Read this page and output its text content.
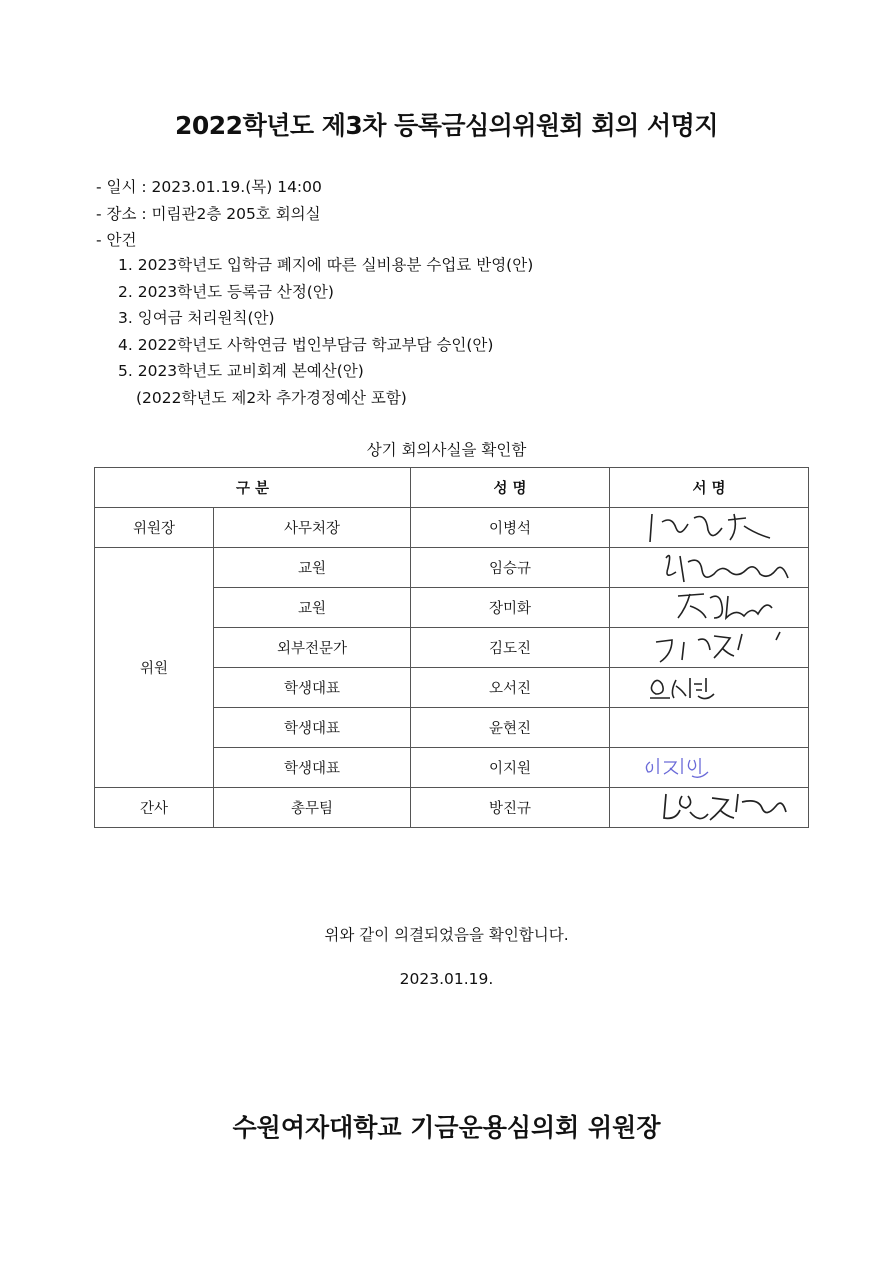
2022학년도 제3차 등록금심의위원회 회의 서명지
- 일시 : 2023.01.19.(목) 14:00
- 장소 : 미림관2층 205호 회의실
- 안건
1. 2023학년도 입학금 폐지에 따른 실비용분 수업료 반영(안)
2. 2023학년도 등록금 산정(안)
3. 잉여금 처리원칙(안)
4. 2022학년도 사학연금 법인부담금 학교부담 승인(안)
5. 2023학년도 교비회계 본예산(안)
(2022학년도 제2차 추가경정예산 포함)
상기 회의사실을 확인함
구 분		성 명	서 명
위원장	사무처장	이병석	

위원	교원	임승규	

	교원	장미화	

	외부전문가	김도진	

	학생대표	오서진	

	학생대표	윤현진	
	학생대표	이지원	

간사	총무팀	방진규	
위와 같이 의결되었음을 확인합니다.
2023.01.19.
수원여자대학교 기금운용심의회 위원장
